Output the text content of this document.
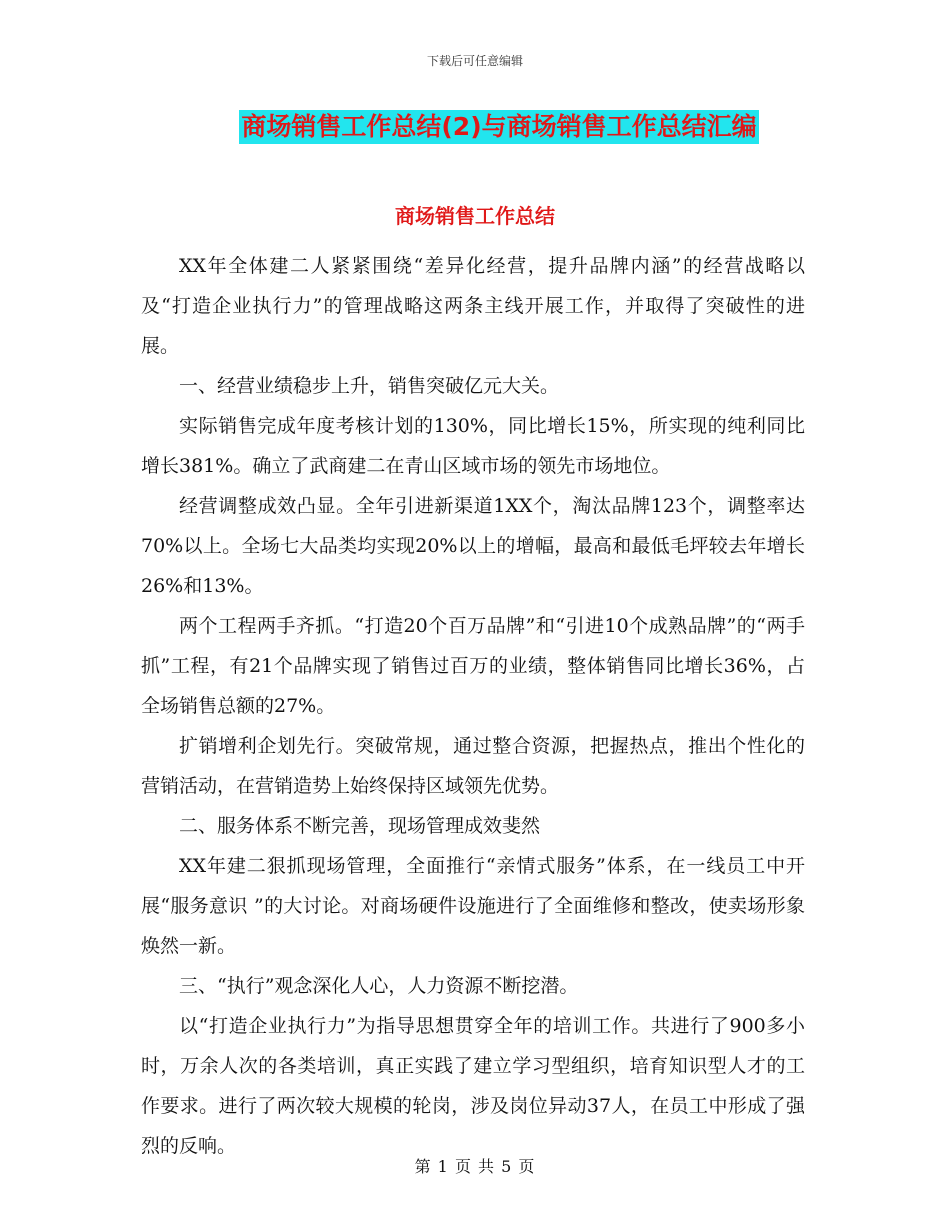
下载后可任意编辑
商场销售工作总结(2)与商场销售工作总结汇编
商场销售工作总结

XX年全体建二人紧紧围绕“差异化经营，提升品牌内涵”的经营战略以及“打造企业执行力”的管理战略这两条主线开展工作，并取得了突破性的进展。

一、经营业绩稳步上升，销售突破亿元大关。

实际销售完成年度考核计划的130%，同比增长15%，所实现的纯利同比增长381%。确立了武商建二在青山区域市场的领先市场地位。

经营调整成效凸显。全年引进新渠道1XX个，淘汰品牌123个，调整率达70%以上。全场七大品类均实现20%以上的增幅，最高和最低毛坪较去年增长26%和13%。

两个工程两手齐抓。“打造20个百万品牌”和“引进10个成熟品牌”的“两手抓”工程，有21个品牌实现了销售过百万的业绩，整体销售同比增长36%，占全场销售总额的27%。

扩销增利企划先行。突破常规，通过整合资源，把握热点，推出个性化的营销活动，在营销造势上始终保持区域领先优势。

二、服务体系不断完善，现场管理成效斐然

XX年建二狠抓现场管理，全面推行“亲情式服务”体系，在一线员工中开展“服务意识 ”的大讨论。对商场硬件设施进行了全面维修和整改，使卖场形象焕然一新。

三、“执行”观念深化人心，人力资源不断挖潜。

以“打造企业执行力”为指导思想贯穿全年的培训工作。共进行了900多小时，万余人次的各类培训，真正实践了建立学习型组织，培育知识型人才的工作要求。进行了两次较大规模的轮岗，涉及岗位异动37人，在员工中形成了强烈的反响。

第 1 页 共 5 页
